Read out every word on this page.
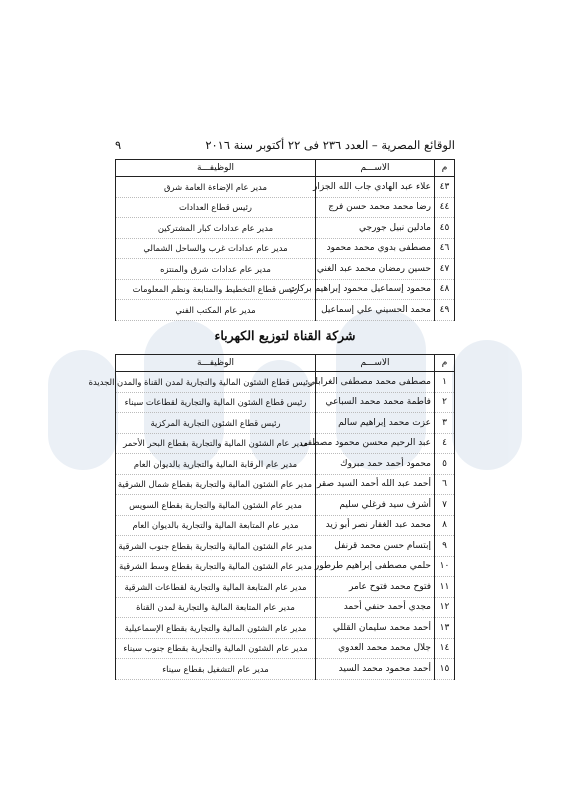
الوقائع المصرية – العدد ٢٣٦ فى ٢٢ أكتوبر سنة ٢٠١٦
٩
م	الاســـم	الوظيفـــة
٤٣	علاء عبد الهادي جاب الله الجزار	مدير عام الإضاءة العامة شرق
٤٤	رضا محمد محمد حسن فرج	رئيس قطاع العدادات
٤٥	مادلين نبيل جورجي	مدير عام عدادات كبار المشتركين
٤٦	مصطفى بدوي محمد محمود	مدير عام عدادات غرب والساحل الشمالي
٤٧	حسين رمضان محمد عبد الغني	مدير عام عدادات شرق والمنتزه
٤٨	محمود إسماعيل محمود إبراهيم بركات	رئيس قطاع التخطيط والمتابعة ونظم المعلومات
٤٩	محمد الحسيني علي إسماعيل	مدير عام المكتب الفني
شركة القناة لتوزيع الكهرباء
م	الاســـم	الوظيفـــة
١	مصطفى محمد مصطفى الغرابلي	رئيس قطاع الشئون المالية والتجارية لمدن القناة والمدن الجديدة
٢	فاطمة محمد محمد السباعي	رئيس قطاع الشئون المالية والتجارية لقطاعات سيناء
٣	عزت محمد إبراهيم سالم	رئيس قطاع الشئون التجارية المركزية
٤	عبد الرحيم محسن محمود مصطفى	مدير عام الشئون المالية والتجارية بقطاع البحر الأحمر
٥	محمود أحمد حمد مبروك	مدير عام الرقابة المالية والتجارية بالديوان العام
٦	أحمد عبد الله أحمد السيد صقر	مدير عام الشئون المالية والتجارية بقطاع شمال الشرقية
٧	أشرف سيد فرغلي سليم	مدير عام الشئون المالية والتجارية بقطاع السويس
٨	محمد عبد الغفار نصر أبو زيد	مدير عام المتابعة المالية والتجارية بالديوان العام
٩	إبتسام حسن محمد قرنفل	مدير عام الشئون المالية والتجارية بقطاع جنوب الشرقية
١٠	حلمي مصطفى إبراهيم طرطور	مدير عام الشئون المالية والتجارية بقطاع وسط الشرقية
١١	فتوح محمد فتوح عامر	مدير عام المتابعة المالية والتجارية لقطاعات الشرقية
١٢	مجدي أحمد حنفي أحمد	مدير عام المتابعة المالية والتجارية لمدن القناة
١٣	أحمد محمد سليمان القللي	مدير عام الشئون المالية والتجارية بقطاع الإسماعيلية
١٤	جلال محمد محمد العدوي	مدير عام الشئون المالية والتجارية بقطاع جنوب سيناء
١٥	أحمد محمود محمد السيد	مدير عام التشغيل بقطاع سيناء
